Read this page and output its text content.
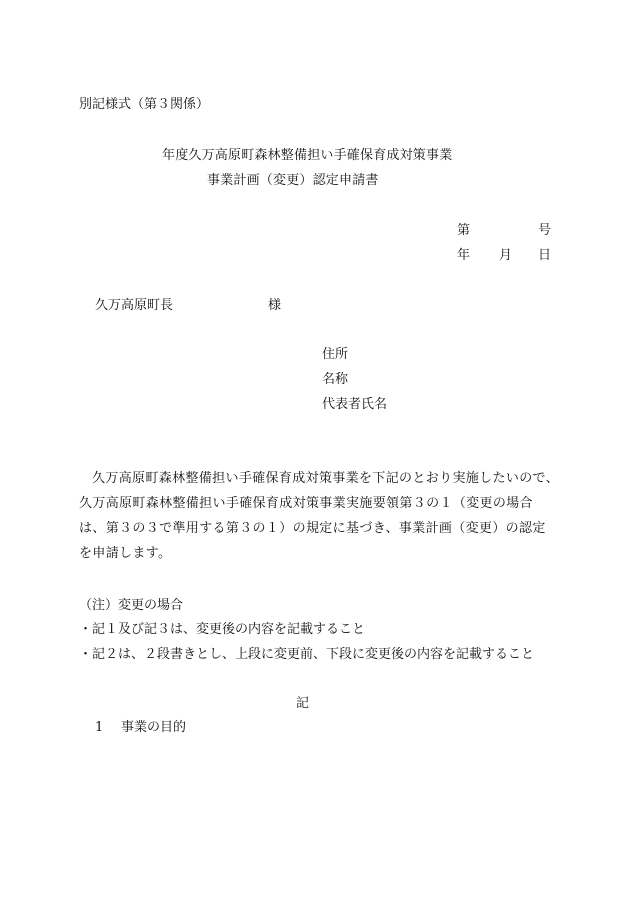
別記様式（第３関係）

年度久万高原町森林整備担い手確保育成対策事業

事業計画（変更）認定申請書

第	号
年 月 日
久万高原町長	様
住所
名称
代表者氏名

久万高原町森林整備担い手確保育成対策事業を下記のとおり実施したいので、久万高原町森林整備担い手確保育成対策事業実施要領第３の１（変更の場合は、第３の３で準用する第３の１）の規定に基づき、事業計画（変更）の認定を申請します。

（注）変更の場合

・記１及び記３は、変更後の内容を記載すること

・記２は、２段書きとし、上段に変更前、下段に変更後の内容を記載すること

記

1 事業の目的
